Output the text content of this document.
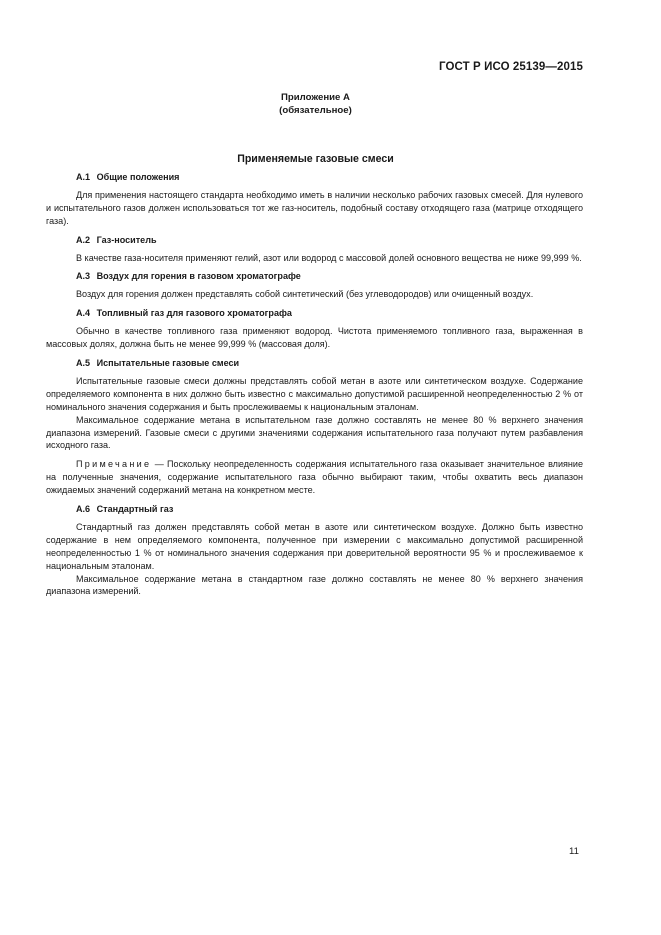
ГОСТ Р ИСО 25139—2015
Приложение А
(обязательное)
Применяемые газовые смеси
А.1 Общие положения

Для применения настоящего стандарта необходимо иметь в наличии несколько рабочих газовых смесей. Для нулевого и испытательного газов должен использоваться тот же газ-носитель, подобный составу отходящего газа (матрице отходящего газа).

А.2 Газ-носитель

В качестве газа-носителя применяют гелий, азот или водород с массовой долей основного вещества не ниже 99,999 %.

А.3 Воздух для горения в газовом хроматографе

Воздух для горения должен представлять собой синтетический (без углеводородов) или очищенный воздух.

А.4 Топливный газ для газового хроматографа

Обычно в качестве топливного газа применяют водород. Чистота применяемого топливного газа, выраженная в массовых долях, должна быть не менее 99,999 % (массовая доля).

А.5 Испытательные газовые смеси

Испытательные газовые смеси должны представлять собой метан в азоте или синтетическом воздухе. Содержание определяемого компонента в них должно быть известно с максимально допустимой расширенной неопределенностью 2 % от номинального значения содержания и быть прослеживаемы к национальным эталонам.

Максимальное содержание метана в испытательном газе должно составлять не менее 80 % верхнего значения диапазона измерений. Газовые смеси с другими значениями содержания испытательного газа получают путем разбавления исходного газа.

Примечание — Поскольку неопределенность содержания испытательного газа оказывает значительное влияние на полученные значения, содержание испытательного газа обычно выбирают таким, чтобы охватить весь диапазон ожидаемых значений содержаний метана на конкретном месте.

А.6 Стандартный газ

Стандартный газ должен представлять собой метан в азоте или синтетическом воздухе. Должно быть известно содержание в нем определяемого компонента, полученное при измерении с максимально допустимой расширенной неопределенностью 1 % от номинального значения содержания при доверительной вероятности 95 % и прослеживаемое к национальным эталонам.

Максимальное содержание метана в стандартном газе должно составлять не менее 80 % верхнего значения диапазона измерений.

11
